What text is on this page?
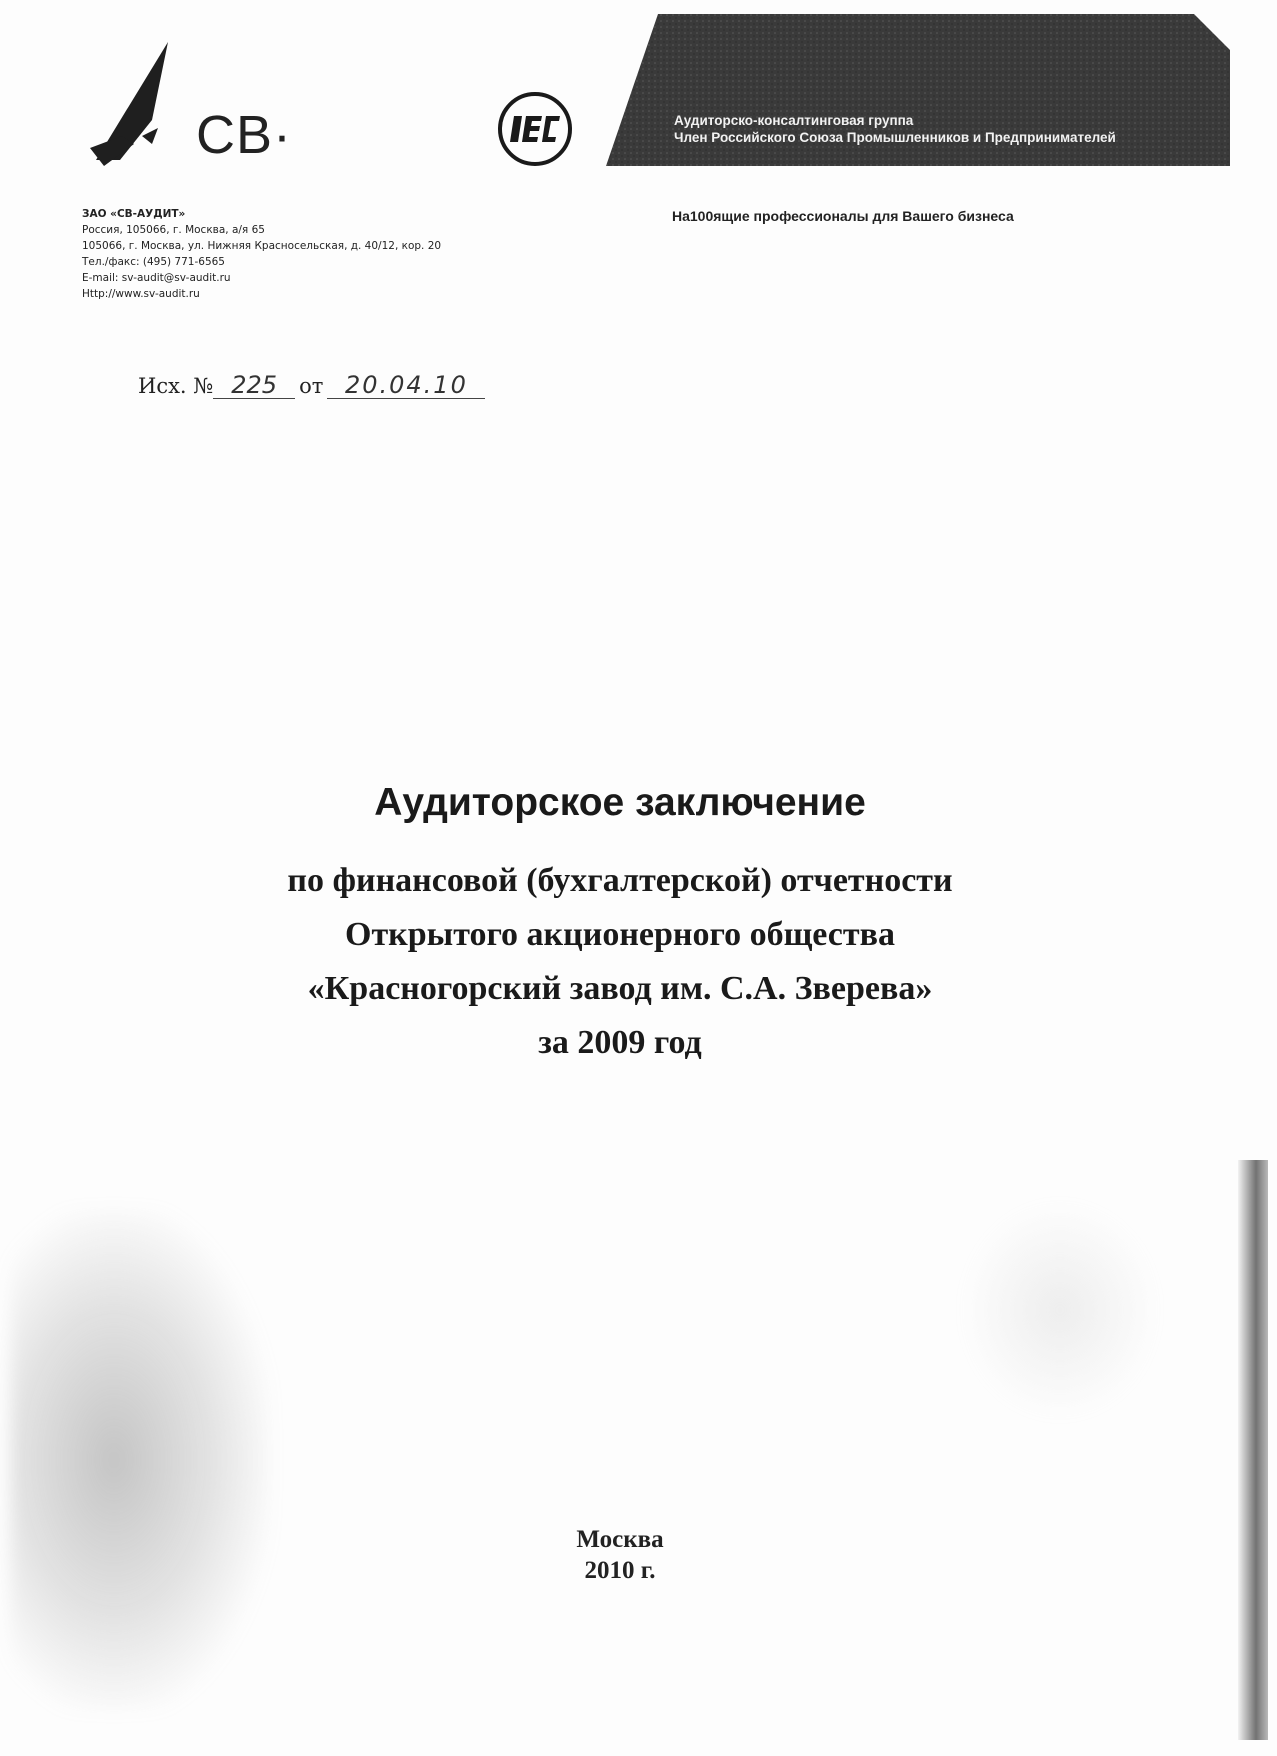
СВ·	Аудиторско-консалтинговая группа
Член Российского Союза Промышленников и Предпринимателей
На100ящие профессионалы для Вашего бизнеса
ЗАО «СВ-АУДИТ»
Россия, 105066, г. Москва, а/я 65
105066, г. Москва, ул. Нижняя Красносельская, д. 40/12, кор. 20
Тел./факс: (495) 771-6565
E-mail: sv-audit@sv-audit.ru
Http://www.sv-audit.ru
Исх. № 225 от 20.04.10
Аудиторское заключение
по финансовой (бухгалтерской) отчетности
Открытого акционерного общества
«Красногорский завод им. С.А. Зверева»
за 2009 год
Москва
2010 г.
